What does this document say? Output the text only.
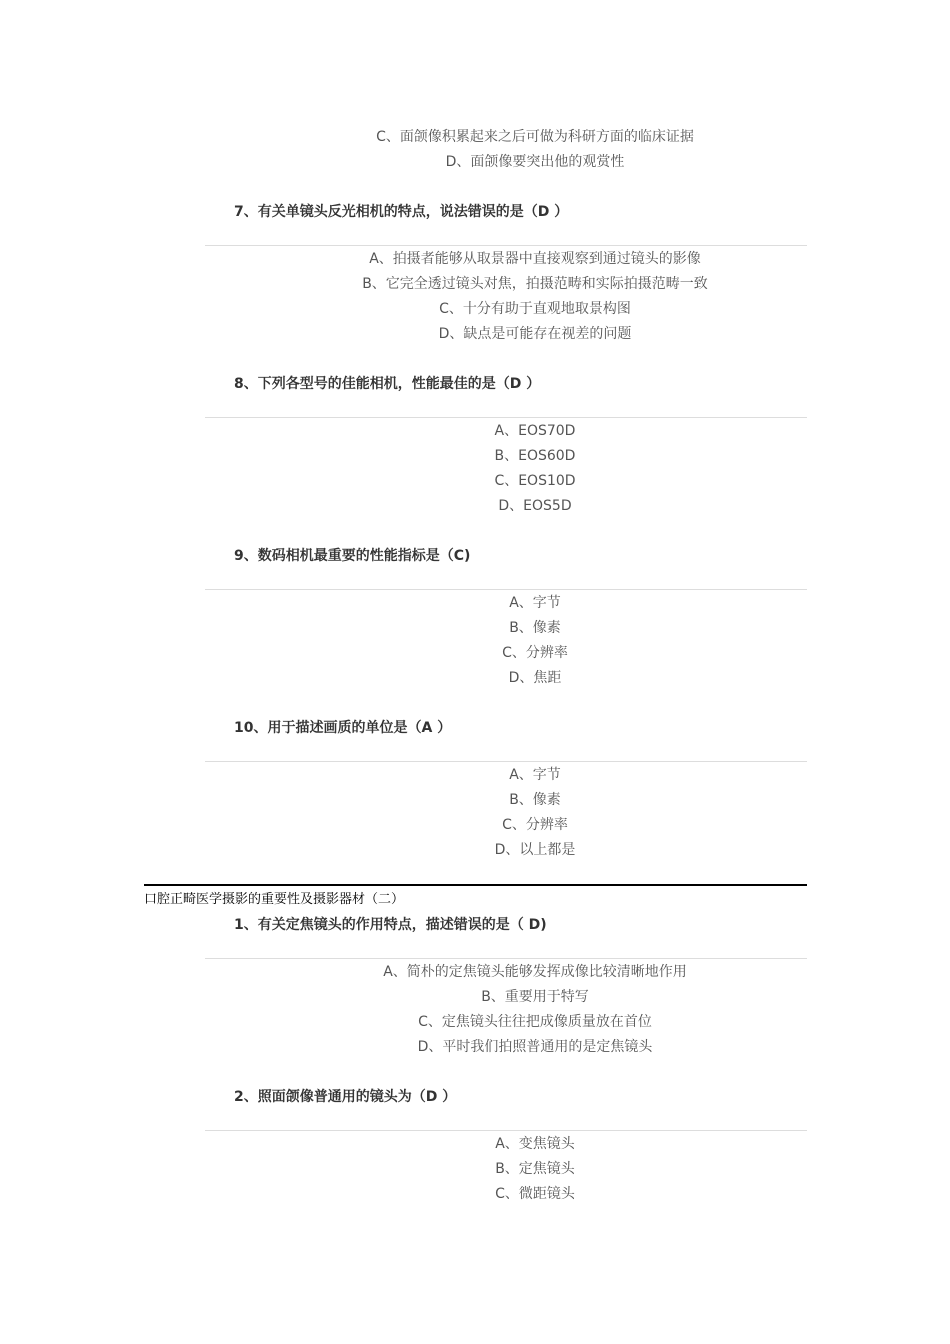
C、面颌像积累起来之后可做为科研方面的临床证据
D、面颌像要突出他的观赏性
7、有关单镜头反光相机的特点，说法错误的是（D ）
A、拍摄者能够从取景器中直接观察到通过镜头的影像
B、它完全透过镜头对焦，拍摄范畴和实际拍摄范畴一致
C、十分有助于直观地取景构图
D、缺点是可能存在视差的问题
8、下列各型号的佳能相机，性能最佳的是（D ）
A、EOS70D
B、EOS60D
C、EOS10D
D、EOS5D
9、数码相机最重要的性能指标是（C)
A、字节
B、像素
C、分辨率
D、焦距
10、用于描述画质的单位是（A ）
A、字节
B、像素
C、分辨率
D、以上都是
口腔正畸医学摄影的重要性及摄影器材（二）
1、有关定焦镜头的作用特点，描述错误的是（ D)
A、简朴的定焦镜头能够发挥成像比较清晰地作用
B、重要用于特写
C、定焦镜头往往把成像质量放在首位
D、平时我们拍照普通用的是定焦镜头
2、照面颌像普通用的镜头为（D ）
A、变焦镜头
B、定焦镜头
C、微距镜头
